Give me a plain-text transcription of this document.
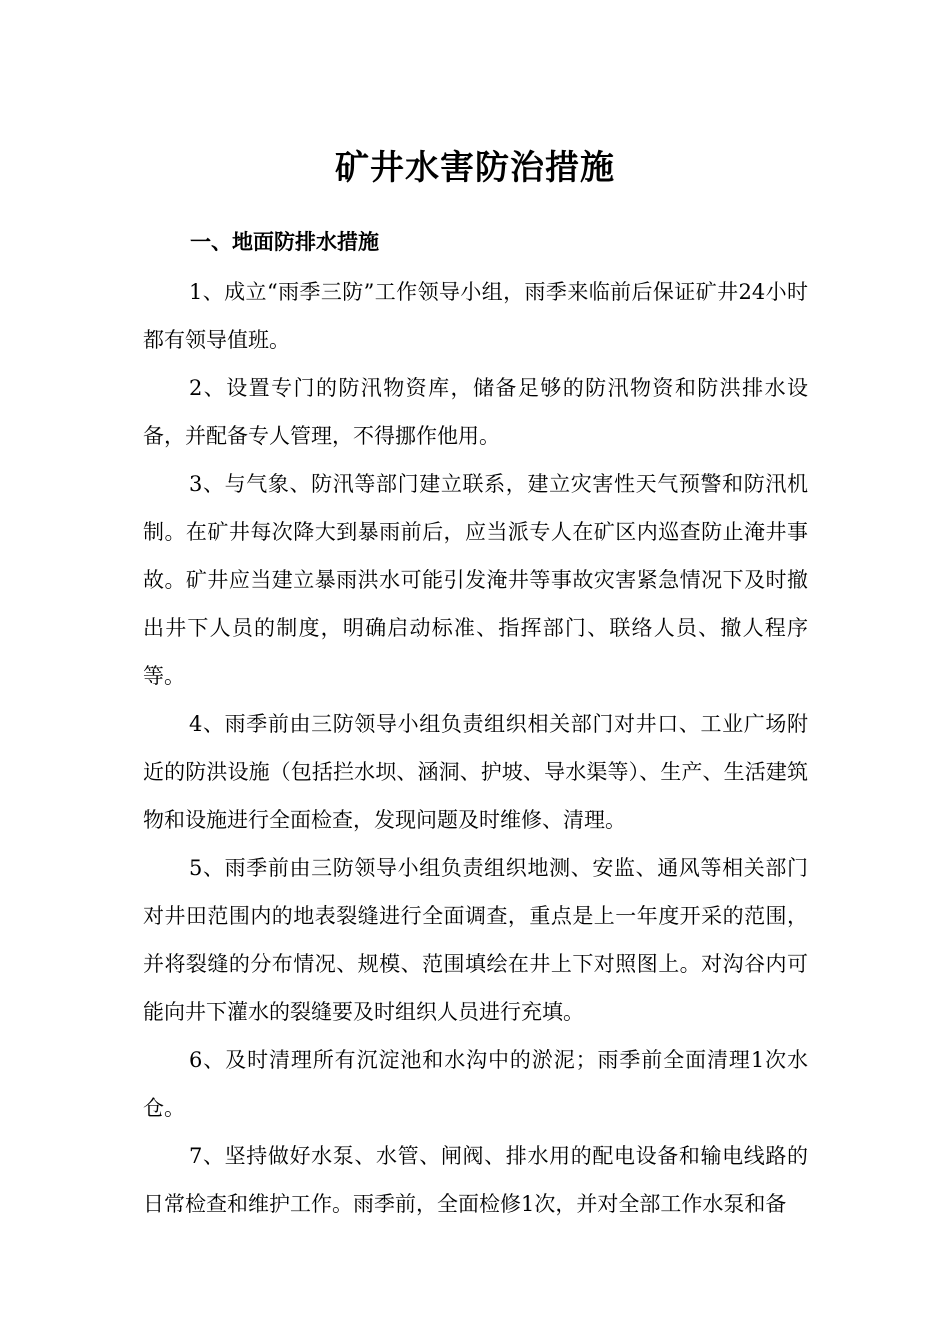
矿井水害防治措施
一、地面防排水措施

1、成立“雨季三防”工作领导小组，雨季来临前后保证矿井24小时都有领导值班。

2、设置专门的防汛物资库，储备足够的防汛物资和防洪排水设备，并配备专人管理，不得挪作他用。

3、与气象、防汛等部门建立联系，建立灾害性天气预警和防汛机制。在矿井每次降大到暴雨前后，应当派专人在矿区内巡查防止淹井事故。矿井应当建立暴雨洪水可能引发淹井等事故灾害紧急情况下及时撤出井下人员的制度，明确启动标准、指挥部门、联络人员、撤人程序等。

4、雨季前由三防领导小组负责组织相关部门对井口、工业广场附近的防洪设施（包括拦水坝、涵洞、护坡、导水渠等）、生产、生活建筑物和设施进行全面检查，发现问题及时维修、清理。

5、雨季前由三防领导小组负责组织地测、安监、通风等相关部门对井田范围内的地表裂缝进行全面调查，重点是上一年度开采的范围，并将裂缝的分布情况、规模、范围填绘在井上下对照图上。对沟谷内可能向井下灌水的裂缝要及时组织人员进行充填。

6、及时清理所有沉淀池和水沟中的淤泥；雨季前全面清理1次水仓。

7、坚持做好水泵、水管、闸阀、排水用的配电设备和输电线路的日常检查和维护工作。雨季前，全面检修1次，并对全部工作水泵和备
